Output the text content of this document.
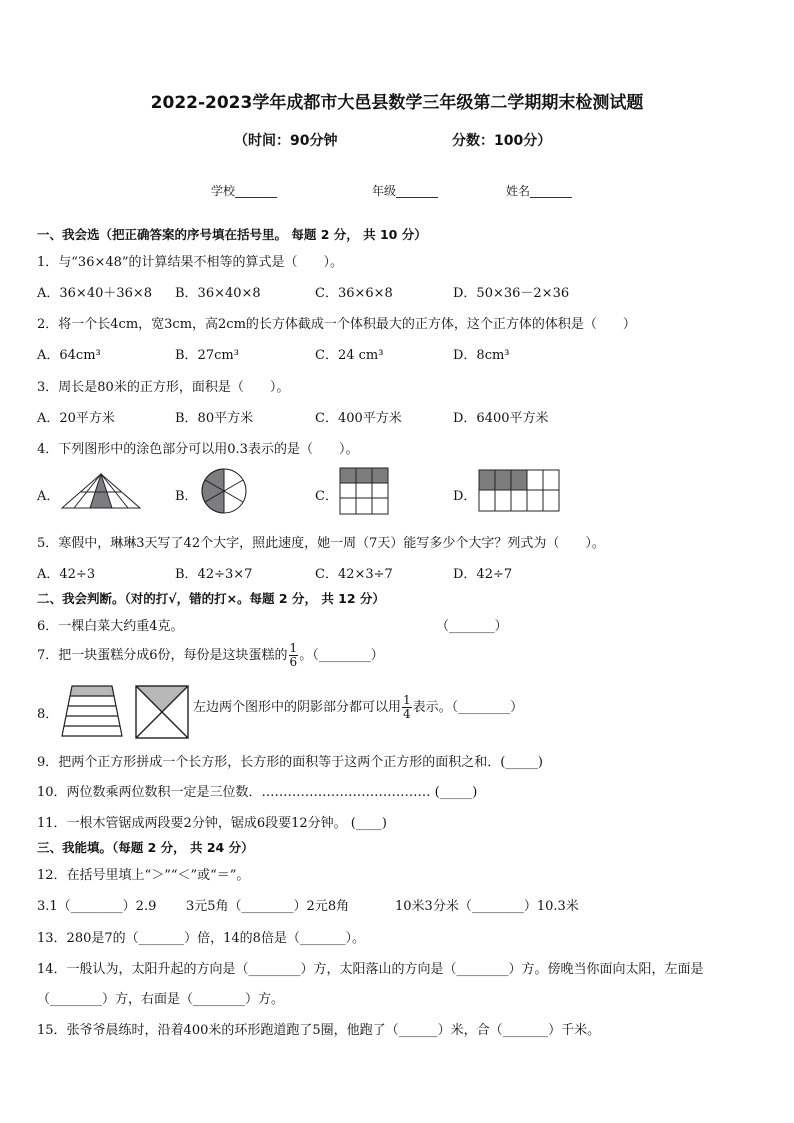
2022-2023学年成都市大邑县数学三年级第二学期期末检测试题
（时间：90分钟	分数：100分）
学校_______	年级_______	姓名_______
一、我会选（把正确答案的序号填在括号里。 每题 2 分， 共 10 分）
1．与“36×48”的计算结果不相等的算式是（　　）。
A．36×40＋36×8 B．36×40×8	C．36×6×8	D．50×36－2×36
2．将一个长4cm，宽3cm，高2cm的长方体截成一个体积最大的正方体，这个正方体的体积是（　　）
A．64cm³	B．27cm³	C．24 cm³	D．8cm³
3．周长是80米的正方形，面积是（　　）。
A．20平方米	B．80平方米	C．400平方米	D．6400平方米
4．下列图形中的涂色部分可以用0.3表示的是（　　）。
A．	B．	C．	D．
5．寒假中，琳琳3天写了42个大字，照此速度，她一周（7天）能写多少个大字？列式为（　　）。
A．42÷3	B．42÷3×7	C．42×3÷7	D．42÷7
二、我会判断。（对的打√，错的打×。每题 2 分， 共 12 分）
6．一棵白菜大约重4克。	（_______）
7．把一块蛋糕分成6份，每份是这块蛋糕的 $\frac{1}{6}$ 。（________）
8．	左边两个图形中的阴影部分都可以用 $\frac{1}{4}$ 表示。（________）
9．把两个正方形拼成一个长方形，长方形的面积等于这两个正方形的面积之和．(_____)
10．两位数乘两位数积一定是三位数．………………………………… (_____)
11．一根木管锯成两段要2分钟，锯成6段要12分钟。 (____)
三、我能填。（每题 2 分， 共 24 分）
12．在括号里填上“＞”“＜”或“＝”。
3.1（________）2.9 3元5角（________）2元8角	10米3分米（________）10.3米
13．280是7的（_______）倍，14的8倍是（_______）。
14．一般认为，太阳升起的方向是（________）方，太阳落山的方向是（________）方。傍晚当你面向太阳，左面是
（________）方，右面是（________）方。
15．张爷爷晨练时，沿着400米的环形跑道跑了5圈，他跑了（______）米，合（_______）千米。
